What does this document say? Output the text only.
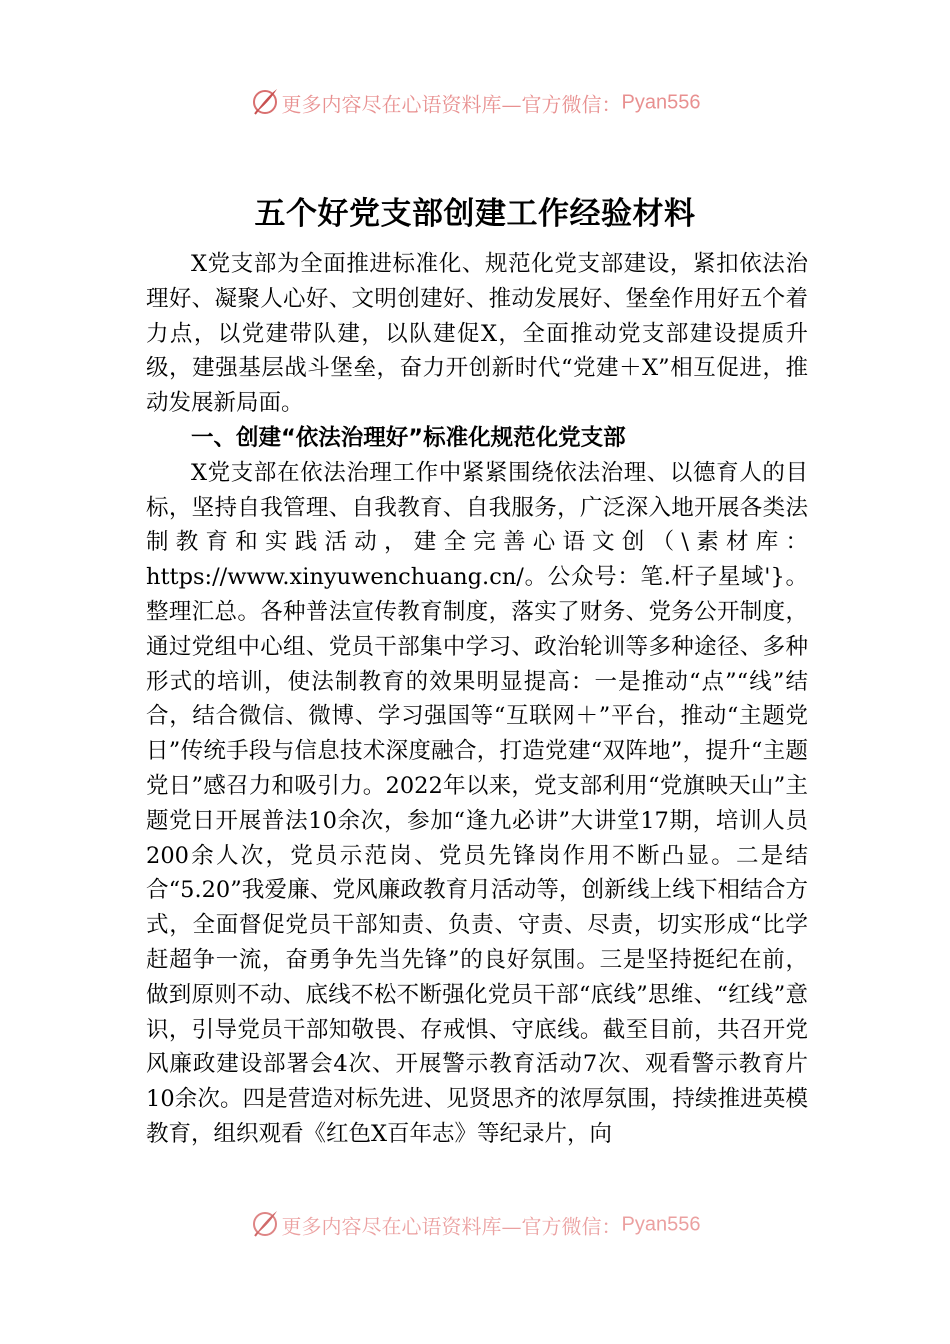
更多内容尽在心语资料库—官方微信：Pyan556
五个好党支部创建工作经验材料

X党支部为全面推进标准化、规范化党支部建设，紧扣依法治理好、凝聚人心好、文明创建好、推动发展好、堡垒作用好五个着力点，以党建带队建，以队建促X，全面推动党支部建设提质升级，建强基层战斗堡垒，奋力开创新时代“党建＋X”相互促进，推动发展新局面。

一、创建“依法治理好”标准化规范化党支部

X党支部在依法治理工作中紧紧围绕依法治理、以德育人的目标，坚持自我管理、自我教育、自我服务，广泛深入地开展各类法制教育和实践活动，建全完善心语文创（\素材库：https://www.xinyuwenchuang.cn/。公众号：笔.杆子星域'}。整理汇总。各种普法宣传教育制度，落实了财务、党务公开制度，通过党组中心组、党员干部集中学习、政治轮训等多种途径、多种形式的培训，使法制教育的效果明显提高：一是推动“点”“线”结合，结合微信、微博、学习强国等“互联网＋”平台，推动“主题党日”传统手段与信息技术深度融合，打造党建“双阵地”，提升“主题党日”感召力和吸引力。2022年以来，党支部利用“党旗映天山”主题党日开展普法10余次，参加“逢九必讲”大讲堂17期，培训人员200余人次，党员示范岗、党员先锋岗作用不断凸显。二是结合“5.20”我爱廉、党风廉政教育月活动等，创新线上线下相结合方式，全面督促党员干部知责、负责、守责、尽责，切实形成“比学赶超争一流，奋勇争先当先锋”的良好氛围。三是坚持挺纪在前，做到原则不动、底线不松不断强化党员干部“底线”思维、“红线”意识，引导党员干部知敬畏、存戒惧、守底线。截至目前，共召开党风廉政建设部署会4次、开展警示教育活动7次、观看警示教育片10余次。四是营造对标先进、见贤思齐的浓厚氛围，持续推进英模教育，组织观看《红色X百年志》等纪录片，向

更多内容尽在心语资料库—官方微信：Pyan556
